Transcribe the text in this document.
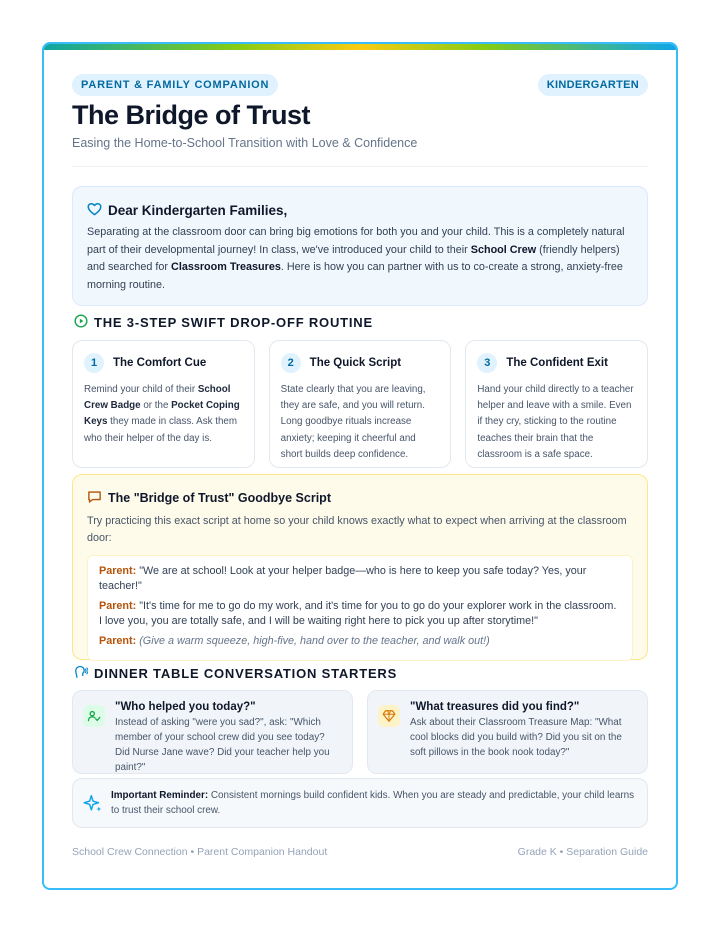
PARENT & FAMILY COMPANION	KINDERGARTEN
The Bridge of Trust
Easing the Home-to-School Transition with Love & Confidence
Dear Kindergarten Families,
Separating at the classroom door can bring big emotions for both you and your child. This is a completely natural part of their developmental journey! In class, we've introduced your child to their School Crew (friendly helpers) and searched for Classroom Treasures. Here is how you can partner with us to co-create a strong, anxiety-free morning routine.
THE 3-STEP SWIFT DROP-OFF ROUTINE
1	The Comfort Cue
Remind your child of their School Crew Badge or the Pocket Coping Keys they made in class. Ask them who their helper of the day is.
2	The Quick Script
State clearly that you are leaving, they are safe, and you will return. Long goodbye rituals increase anxiety; keeping it cheerful and short builds deep confidence.
3	The Confident Exit
Hand your child directly to a teacher helper and leave with a smile. Even if they cry, sticking to the routine teaches their brain that the classroom is a safe space.
The "Bridge of Trust" Goodbye Script
Try practicing this exact script at home so your child knows exactly what to expect when arriving at the classroom door:
Parent: "We are at school! Look at your helper badge—who is here to keep you safe today? Yes, your teacher!"
Parent: "It's time for me to go do my work, and it's time for you to go do your explorer work in the classroom. I love you, you are totally safe, and I will be waiting right here to pick you up after storytime!"
Parent: (Give a warm squeeze, high-five, hand over to the teacher, and walk out!)
DINNER TABLE CONVERSATION STARTERS
"Who helped you today?"
Instead of asking "were you sad?", ask: "Which member of your school crew did you see today? Did Nurse Jane wave? Did your teacher help you paint?"
"What treasures did you find?"
Ask about their Classroom Treasure Map: "What cool blocks did you build with? Did you sit on the soft pillows in the book nook today?"
Important Reminder: Consistent mornings build confident kids. When you are steady and predictable, your child learns to trust their school crew.
School Crew Connection • Parent Companion Handout	Grade K • Separation Guide
